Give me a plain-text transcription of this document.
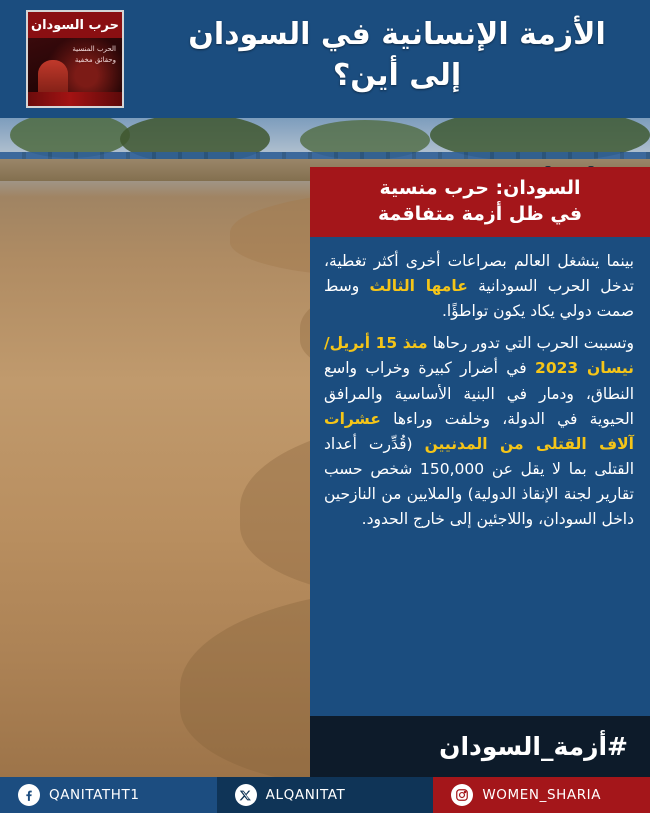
الأزمة الإنسانية في السودان
إلى أين؟
حرب السودان
الحرب المنسية وحقائق مخفية
السودان: حرب منسية
في ظل أزمة متفاقمة

بينما ينشغل العالم بصراعات أخرى أكثر تغطية، تدخل الحرب السودانية عامها الثالث وسط صمت دولي يكاد يكون تواطؤًا.

وتسببت الحرب التي تدور رحاها منذ 15 أبريل/ نيسان 2023 في أضرار كبيرة وخراب واسع النطاق، ودمار في البنية الأساسية والمرافق الحيوية في الدولة، وخلفت وراءها عشرات آلاف القتلى من المدنيين (قُدِّرت أعداد القتلى بما لا يقل عن 150,000 شخص حسب تقارير لجنة الإنقاذ الدولية) والملايين من النازحين داخل السودان، واللاجئين إلى خارج الحدود.

#أزمة_السودان
QANITATHT1	ALQANITAT	WOMEN_SHARIA
